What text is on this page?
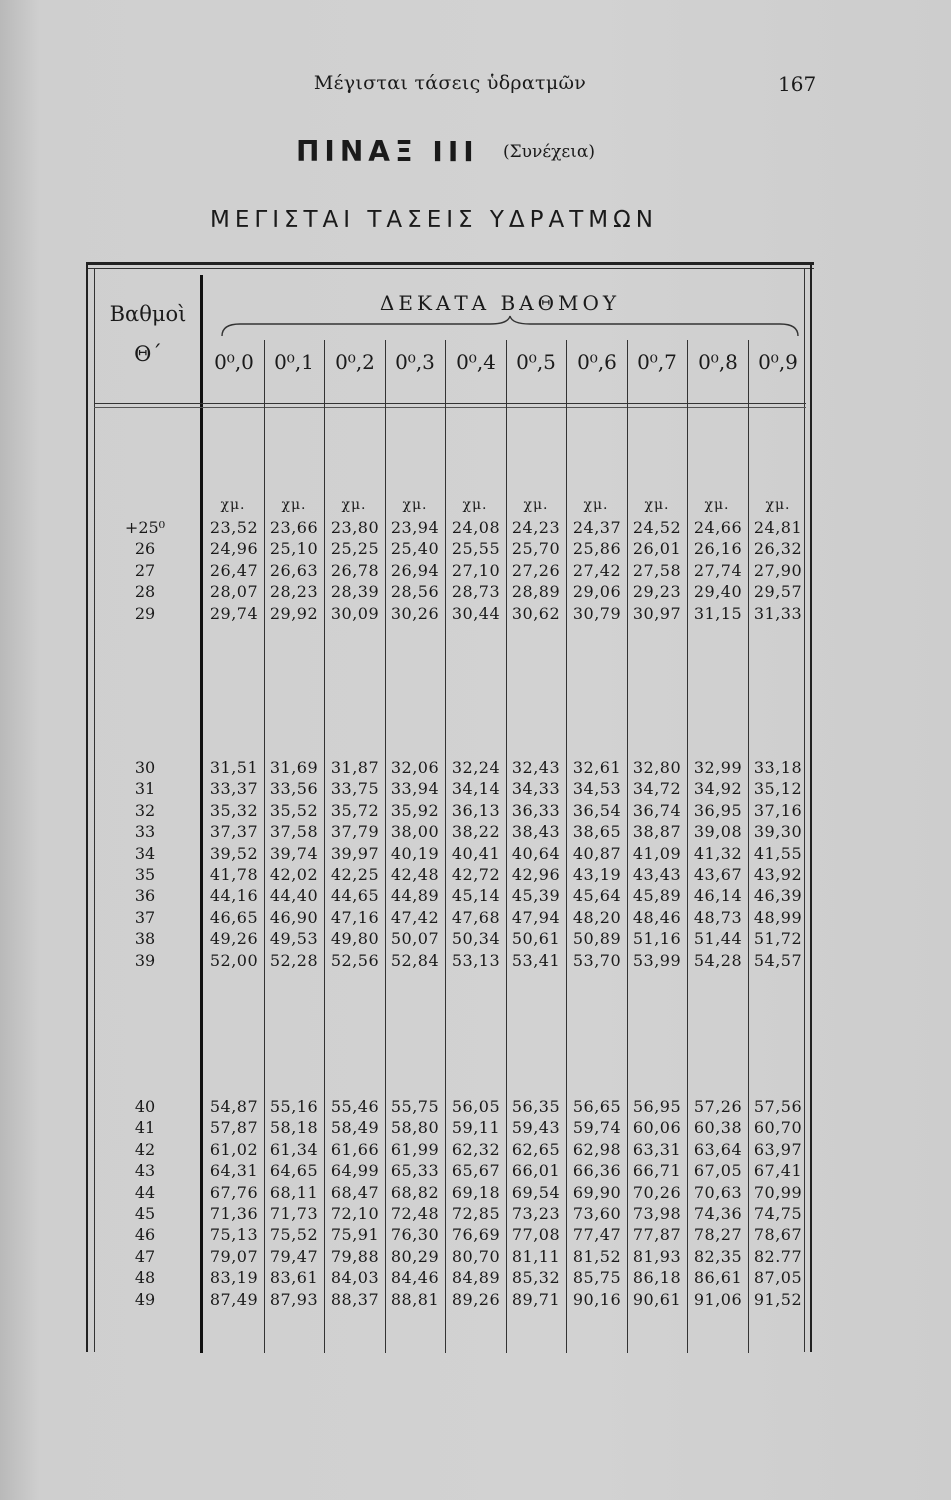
Μέγισται τάσεις ὑδρατμῶν	167
ΠΙΝΑΞ III (Συνέχεια)
ΜΕΓΙΣΤΑΙ ΤΑΣΕΙΣ ΥΔΡΑΤΜΩΝ
Βαθμοὶ
Θ΄
ΔΕΚΑΤΑ ΒΑΘΜΟΥ
0⁰,0	0⁰,1	0⁰,2	0⁰,3	0⁰,4	0⁰,5	0⁰,6	0⁰,7	0⁰,8	0⁰,9
χμ.	χμ.	χμ.	χμ.	χμ.	χμ.	χμ.	χμ.	χμ.	χμ.
+25⁰	23,52 23,66 23,80 23,94 24,08 24,23 24,37 24,52 24,66 24,81
26	24,96 25,10 25,25 25,40 25,55 25,70 25,86 26,01 26,16 26,32
27	26,47 26,63 26,78 26,94 27,10 27,26 27,42 27,58 27,74 27,90
28	28,07 28,23 28,39 28,56 28,73 28,89 29,06 29,23 29,40 29,57
29	29,74 29,92 30,09 30,26 30,44 30,62 30,79 30,97 31,15 31,33
30	31,51 31,69 31,87 32,06 32,24 32,43 32,61 32,80 32,99 33,18
31	33,37 33,56 33,75 33,94 34,14 34,33 34,53 34,72 34,92 35,12
32	35,32 35,52 35,72 35,92 36,13 36,33 36,54 36,74 36,95 37,16
33	37,37 37,58 37,79 38,00 38,22 38,43 38,65 38,87 39,08 39,30
34	39,52 39,74 39,97 40,19 40,41 40,64 40,87 41,09 41,32 41,55
35	41,78 42,02 42,25 42,48 42,72 42,96 43,19 43,43 43,67 43,92
36	44,16 44,40 44,65 44,89 45,14 45,39 45,64 45,89 46,14 46,39
37	46,65 46,90 47,16 47,42 47,68 47,94 48,20 48,46 48,73 48,99
38	49,26 49,53 49,80 50,07 50,34 50,61 50,89 51,16 51,44 51,72
39	52,00 52,28 52,56 52,84 53,13 53,41 53,70 53,99 54,28 54,57
40	54,87 55,16 55,46 55,75 56,05 56,35 56,65 56,95 57,26 57,56
41	57,87 58,18 58,49 58,80 59,11 59,43 59,74 60,06 60,38 60,70
42	61,02 61,34 61,66 61,99 62,32 62,65 62,98 63,31 63,64 63,97
43	64,31 64,65 64,99 65,33 65,67 66,01 66,36 66,71 67,05 67,41
44	67,76 68,11 68,47 68,82 69,18 69,54 69,90 70,26 70,63 70,99
45	71,36 71,73 72,10 72,48 72,85 73,23 73,60 73,98 74,36 74,75
46	75,13 75,52 75,91 76,30 76,69 77,08 77,47 77,87 78,27 78,67
47	79,07 79,47 79,88 80,29 80,70 81,11 81,52 81,93 82,35 82.77
48	83,19 83,61 84,03 84,46 84,89 85,32 85,75 86,18 86,61 87,05
49	87,49 87,93 88,37 88,81 89,26 89,71 90,16 90,61 91,06 91,52
